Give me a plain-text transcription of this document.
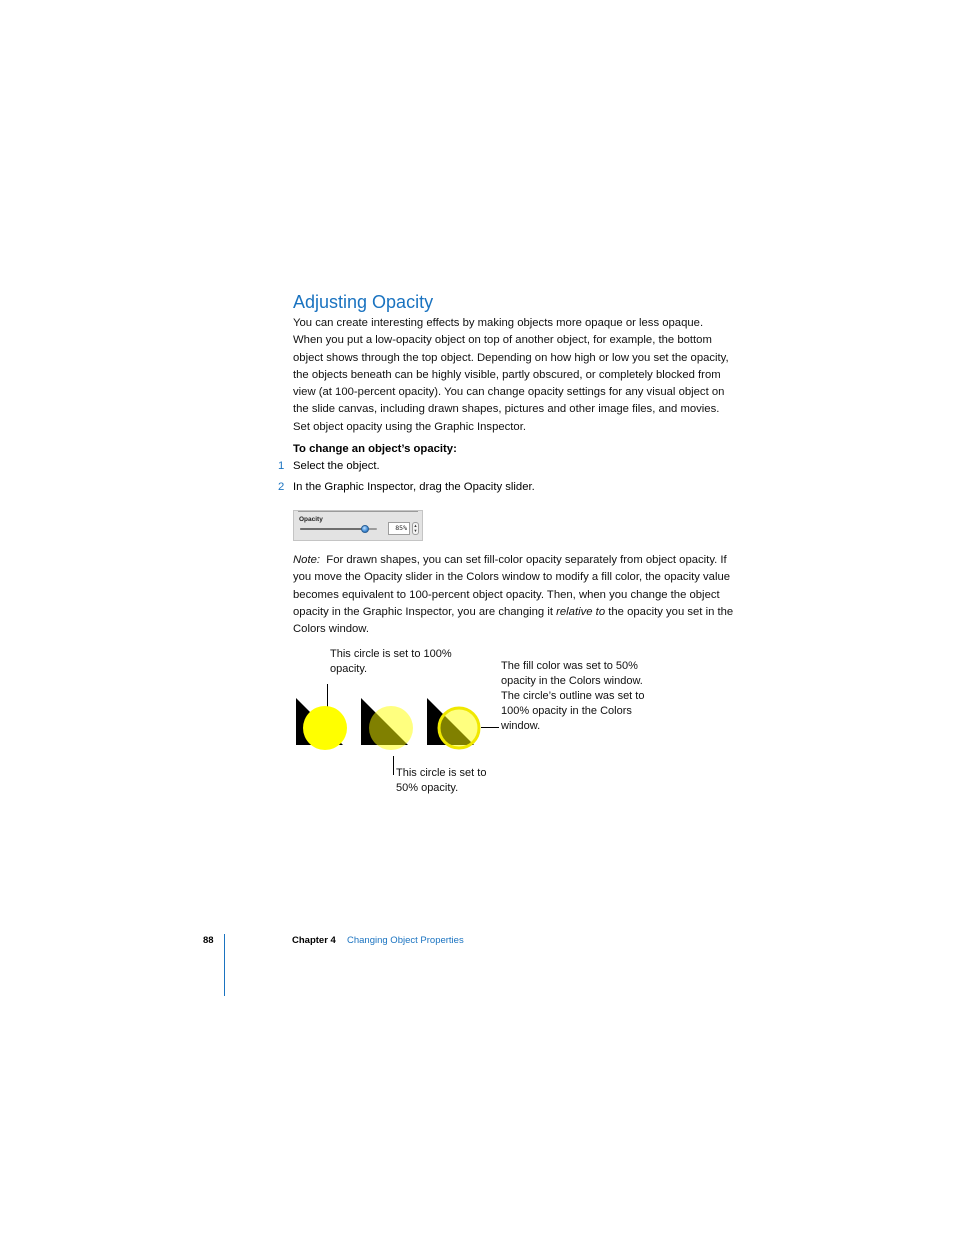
Adjusting Opacity
You can create interesting effects by making objects more opaque or less opaque. When you put a low-opacity object on top of another object, for example, the bottom object shows through the top object. Depending on how high or low you set the opacity, the objects beneath can be highly visible, partly obscured, or completely blocked from view (at 100-percent opacity). You can change opacity settings for any visual object on the slide canvas, including drawn shapes, pictures and other image files, and movies. Set object opacity using the Graphic Inspector.
To change an object’s opacity:
1 Select the object.
2 In the Graphic Inspector, drag the Opacity slider.
Opacity
85%	▲
▼
Note: For drawn shapes, you can set fill-color opacity separately from object opacity. If you move the Opacity slider in the Colors window to modify a fill color, the opacity value becomes equivalent to 100-percent object opacity. Then, when you change the object opacity in the Graphic Inspector, you are changing it relative to the opacity you set in the Colors window.
This circle is set to 100% opacity.	The fill color was set to 50% opacity in the Colors window. The circle’s outline was set to 100% opacity in the Colors window.
This circle is set to 50% opacity.
88	Chapter 4 Changing Object Properties
